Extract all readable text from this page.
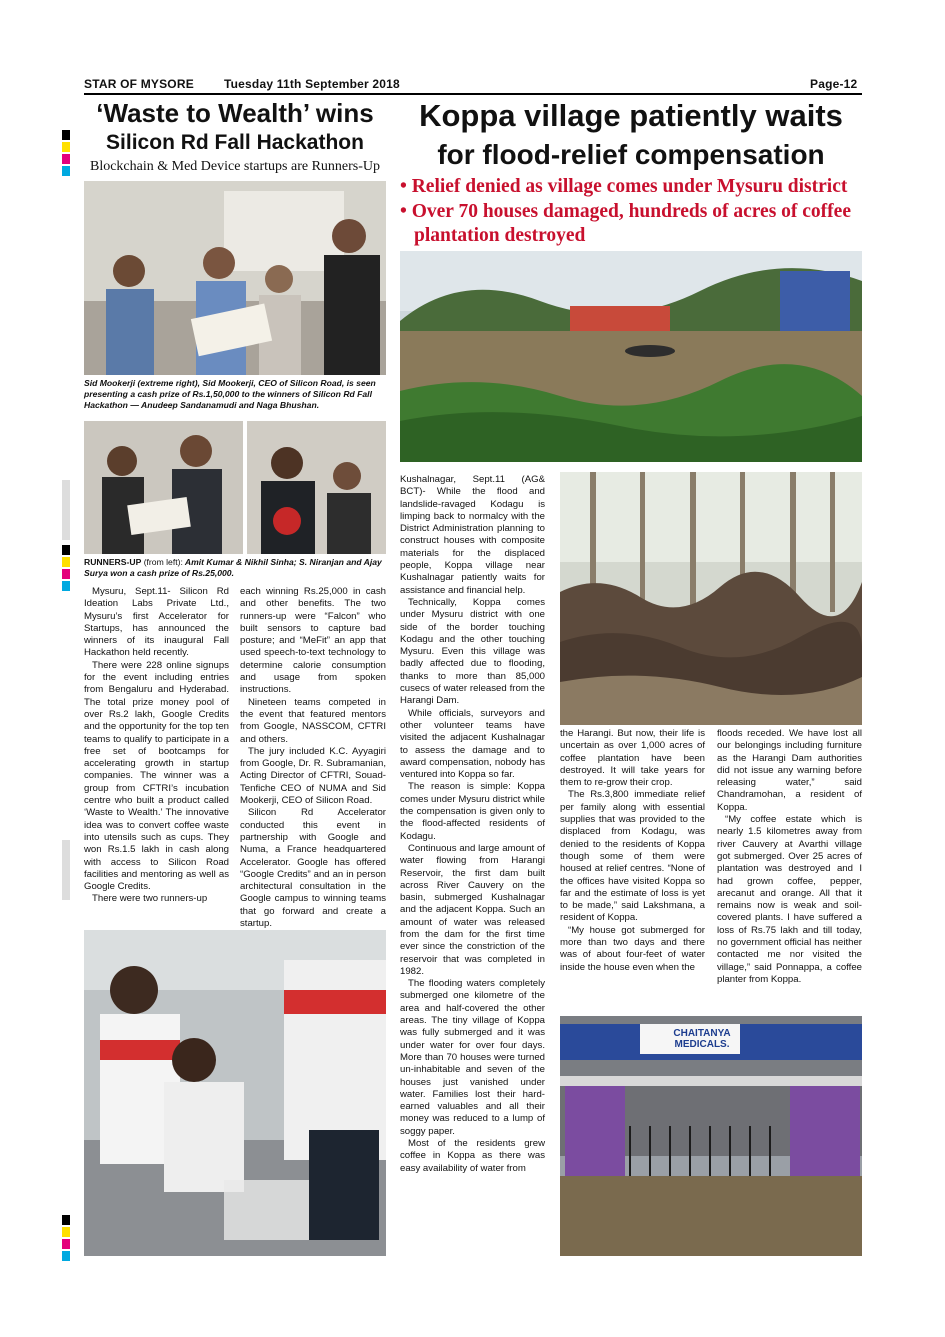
STAR OF MYSORE	Tuesday 11th September 2018	Page-12
‘Waste to Wealth’ wins
Silicon Rd Fall Hackathon
Blockchain & Med Device startups are Runners-Up
Sid Mookerji (extreme right), Sid Mookerji, CEO of Silicon Road, is seen presenting a cash prize of Rs.1,50,000 to the winners of Silicon Rd Fall Hackathon — Anudeep Sandanamudi and Naga Bhushan.
RUNNERS-UP (from left): Amit Kumar & Nikhil Sinha; S. Niranjan and Ajay Surya won a cash prize of Rs.25,000.

Mysuru, Sept.11- Silicon Rd Ideation Labs Private Ltd., Mysuru’s first Accelerator for Startups, has announced the winners of its inaugural Fall Hackathon held recently.

There were 228 online signups for the event including entries from Bengaluru and Hyderabad. The total prize money pool of over Rs.2 lakh, Google Credits and the opportunity for the top ten teams to qualify to participate in a free set of bootcamps for accelerating growth in startup companies. The winner was a group from CFTRI’s incubation centre who built a product called ‘Waste to Wealth.’ The innovative idea was to convert coffee waste into utensils such as cups. They won Rs.1.5 lakh in cash along with access to Silicon Road facilities and mentoring as well as Google Credits.

There were two runners-up

each winning Rs.25,000 in cash and other benefits. The two runners-up were “Falcon” who built sensors to capture bad posture; and “MeFit” an app that used speech-to-text technology to determine calorie consumption and usage from spoken instructions.

Nineteen teams competed in the event that featured mentors from Google, NASSCOM, CFTRI and others.

The jury included K.C. Ayyagiri from Google, Dr. R. Subramanian, Acting Director of CFTRI, Souad-Tenfiche CEO of NUMA and Sid Mookerji, CEO of Silicon Road.

Silicon Rd Accelerator conducted this event in partnership with Google and Numa, a France headquartered Accelerator. Google has offered “Google Credits” and an in person architectural consultation in the Google campus to winning teams that go forward and create a startup.

Koppa village patiently waits
for flood-relief compensation
• Relief denied as village comes under Mysuru district
• Over 70 houses damaged, hundreds of acres of coffee
plantation destroyed
CHAITANYA MEDICALS.

Kushalnagar, Sept.11 (AG& BCT)- While the flood and landslide-ravaged Kodagu is limping back to normalcy with the District Administration planning to construct houses with composite materials for the displaced people, Koppa village near Kushalnagar patiently waits for assistance and financial help.

Technically, Koppa comes under Mysuru district with one side of the border touching Kodagu and the other touching Mysuru. Even this village was badly affected due to flooding, thanks to more than 85,000 cusecs of water released from the Harangi Dam.

While officials, surveyors and other volunteer teams have visited the adjacent Kushalnagar to assess the damage and to award compensation, nobody has ventured into Koppa so far.

The reason is simple: Koppa comes under Mysuru district while the compensation is given only to the flood-affected residents of Kodagu.

Continuous and large amount of water flowing from Harangi Reservoir, the first dam built across River Cauvery on the basin, submerged Kushalnagar and the adjacent Koppa. Such an amount of water was released from the dam for the first time ever since the constriction of the reservoir that was completed in 1982.

The flooding waters completely submerged one kilometre of the area and half-covered the other areas. The tiny village of Koppa was fully submerged and it was under water for over four days. More than 70 houses were turned un-inhabitable and seven of the houses just vanished under water. Families lost their hard-earned valuables and all their money was reduced to a lump of soggy paper.

Most of the residents grew coffee in Koppa as there was easy availability of water from

the Harangi. But now, their life is uncertain as over 1,000 acres of coffee plantation have been destroyed. It will take years for them to re-grow their crop.

The Rs.3,800 immediate relief per family along with essential supplies that was provided to the displaced from Kodagu, was denied to the residents of Koppa though some of them were housed at relief centres. “None of the offices have visited Koppa so far and the estimate of loss is yet to be made,” said Lakshmana, a resident of Koppa.

“My house got submerged for more than two days and there was of about four-feet of water inside the house even when the

floods receded. We have lost all our belongings including furniture as the Harangi Dam authorities did not issue any warning before releasing water,” said Chandramohan, a resident of Koppa.

“My coffee estate which is nearly 1.5 kilometres away from river Cauvery at Avarthi village got submerged. Over 25 acres of plantation was destroyed and I had grown coffee, pepper, arecanut and orange. All that it remains now is weak and soil-covered plants. I have suffered a loss of Rs.75 lakh and till today, no government official has neither contacted me nor visited the village,” said Ponnappa, a coffee planter from Koppa.
